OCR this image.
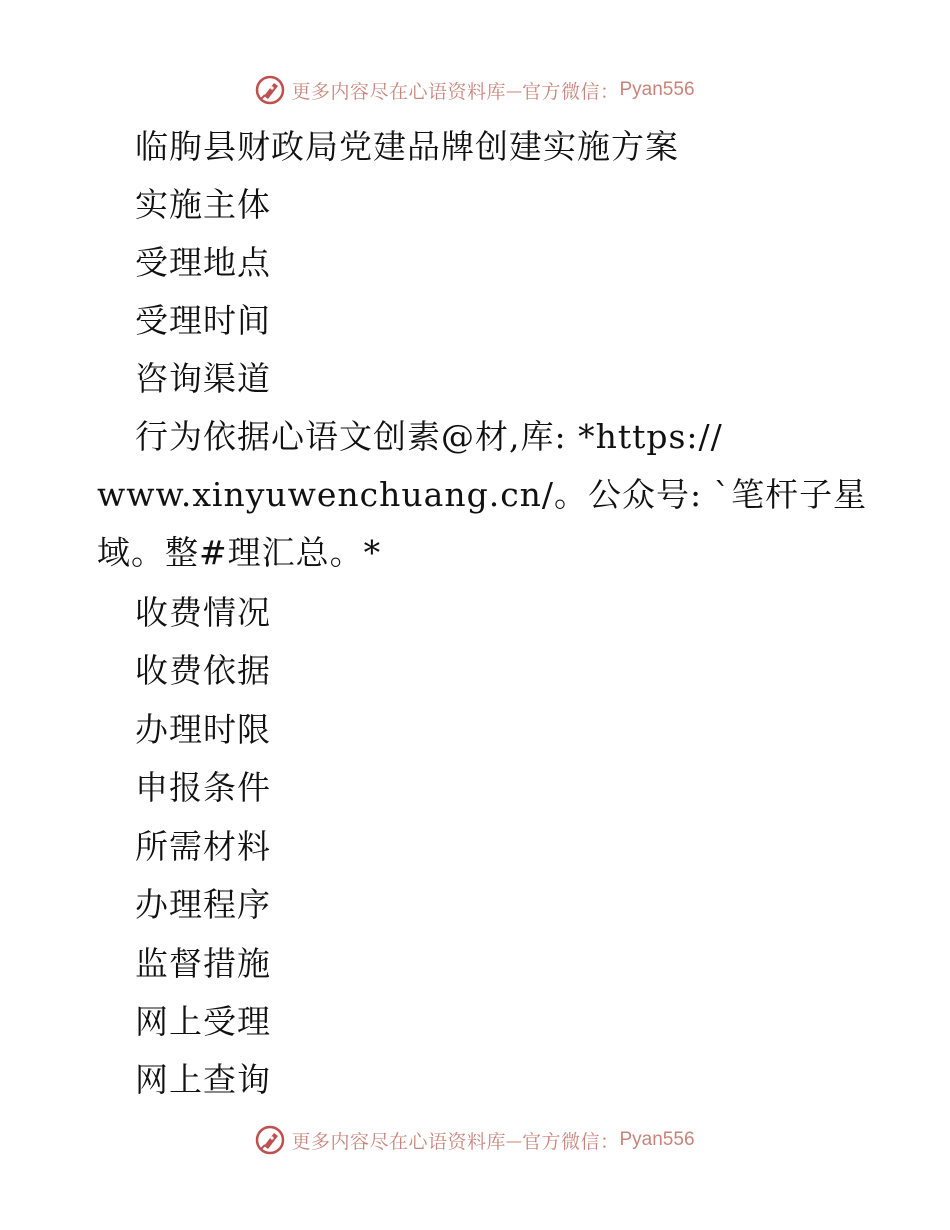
更多内容尽在心语资料库 — 官方微信： Pyan556
临朐县财政局党建品牌创建实施方案
实施主体
受理地点
受理时间
咨询渠道
行为依据心语文创素@材,库: *https://
www.xinyuwenchuang.cn/。公众号: `笔杆子星
域。整#理汇总。*
收费情况
收费依据
办理时限
申报条件
所需材料
办理程序
监督措施
网上受理
网上查询
更多内容尽在心语资料库 — 官方微信： Pyan556
